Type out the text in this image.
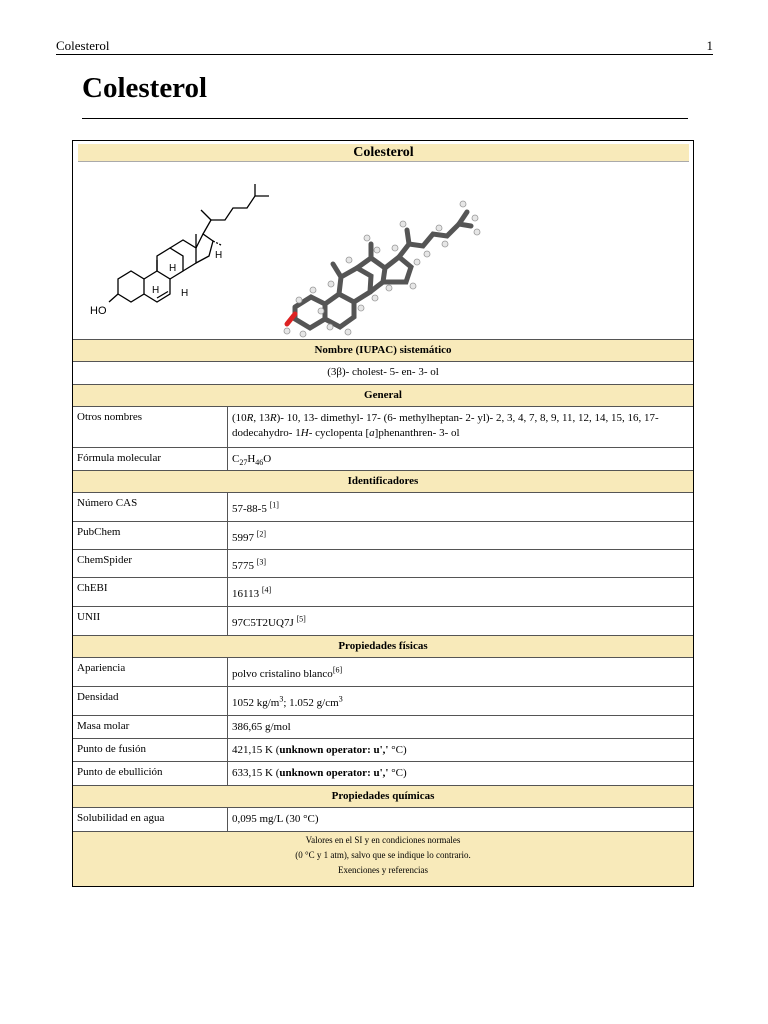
Colesterol	1
Colesterol
Colesterol
HO
H
H H
H
Nombre (IUPAC) sistemático
(3β)- cholest- 5- en- 3- ol
General
Otros nombres	(10R, 13R)- 10, 13- dimethyl- 17- (6- methylheptan- 2- yl)- 2, 3, 4, 7, 8, 9, 11, 12, 14, 15, 16, 17- dodecahydro- 1H- cyclopenta [a]phenanthren- 3- ol
Fórmula molecular	$C_{27}H_{46}O$
Identificadores
Número CAS	57-88-5 [1]
PubChem	5997 [2]
ChemSpider	5775 [3]
ChEBI	16113 [4]
UNII	97C5T2UQ7J [5]
Propiedades físicas
Apariencia	polvo cristalino blanco[6]
Densidad	1052 $kg/m^3$; 1.052 $g/cm^3$
Masa molar	386,65 g/mol
Punto de fusión	421,15 K (unknown operator: u',' °C)
Punto de ebullición	633,15 K (unknown operator: u',' °C)
Propiedades químicas
Solubilidad en agua	0,095 mg/L (30 °C)
Valores en el SI y en condiciones normales
(0 °C y 1 atm), salvo que se indique lo contrario.
Exenciones y referencias
